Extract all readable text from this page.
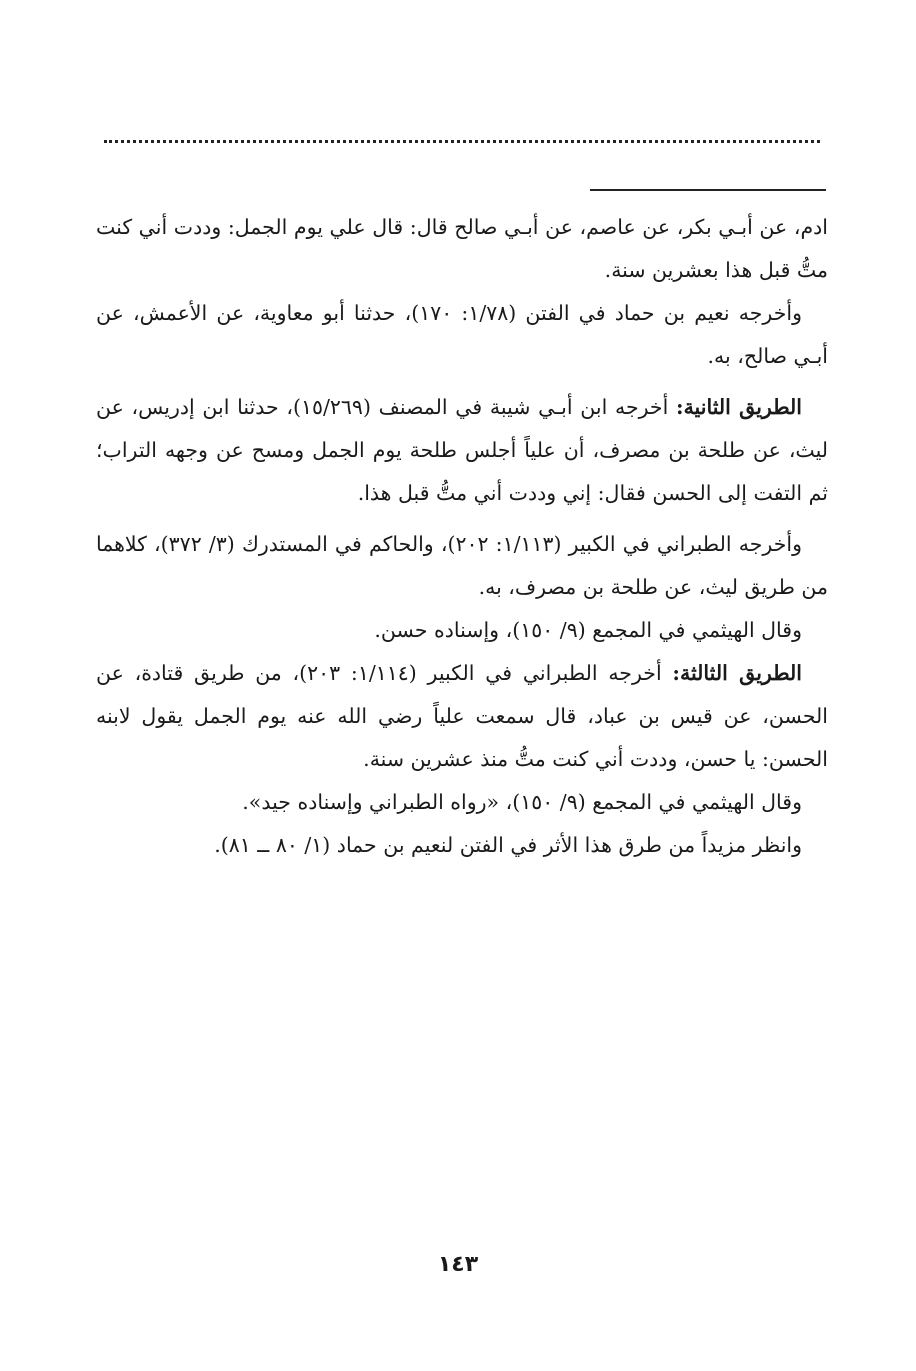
ادم، عن أبـي بكر، عن عاصم، عن أبـي صالح قال: قال علي يوم الجمل: وددت أني كنت متُّ قبل هذا بعشرين سنة.

وأخرجه نعيم بن حماد في الفتن (١/٧٨: ١٧٠)، حدثنا أبو معاوية، عن الأعمش، عن أبـي صالح، به.

الطريق الثانية: أخرجه ابن أبـي شيبة في المصنف (١٥/٢٦٩)، حدثنا ابن إدريس، عن ليث، عن طلحة بن مصرف، أن علياً أجلس طلحة يوم الجمل ومسح عن وجهه التراب؛ ثم التفت إلى الحسن فقال: إني وددت أني متُّ قبل هذا.

وأخرجه الطبراني في الكبير (١/١١٣: ٢٠٢)، والحاكم في المستدرك (٣/ ٣٧٢)، كلاهما من طريق ليث، عن طلحة بن مصرف، به.

وقال الهيثمي في المجمع (٩/ ١٥٠)، وإسناده حسن.

الطريق الثالثة: أخرجه الطبراني في الكبير (١/١١٤: ٢٠٣)، من طريق قتادة، عن الحسن، عن قيس بن عباد، قال سمعت علياً رضي الله عنه يوم الجمل يقول لابنه الحسن: يا حسن، وددت أني كنت متُّ منذ عشرين سنة.

وقال الهيثمي في المجمع (٩/ ١٥٠)، «رواه الطبراني وإسناده جيد».

وانظر مزيداً من طرق هذا الأثر في الفتن لنعيم بن حماد (١/ ٨٠ ــ ٨١).

١٤٣
